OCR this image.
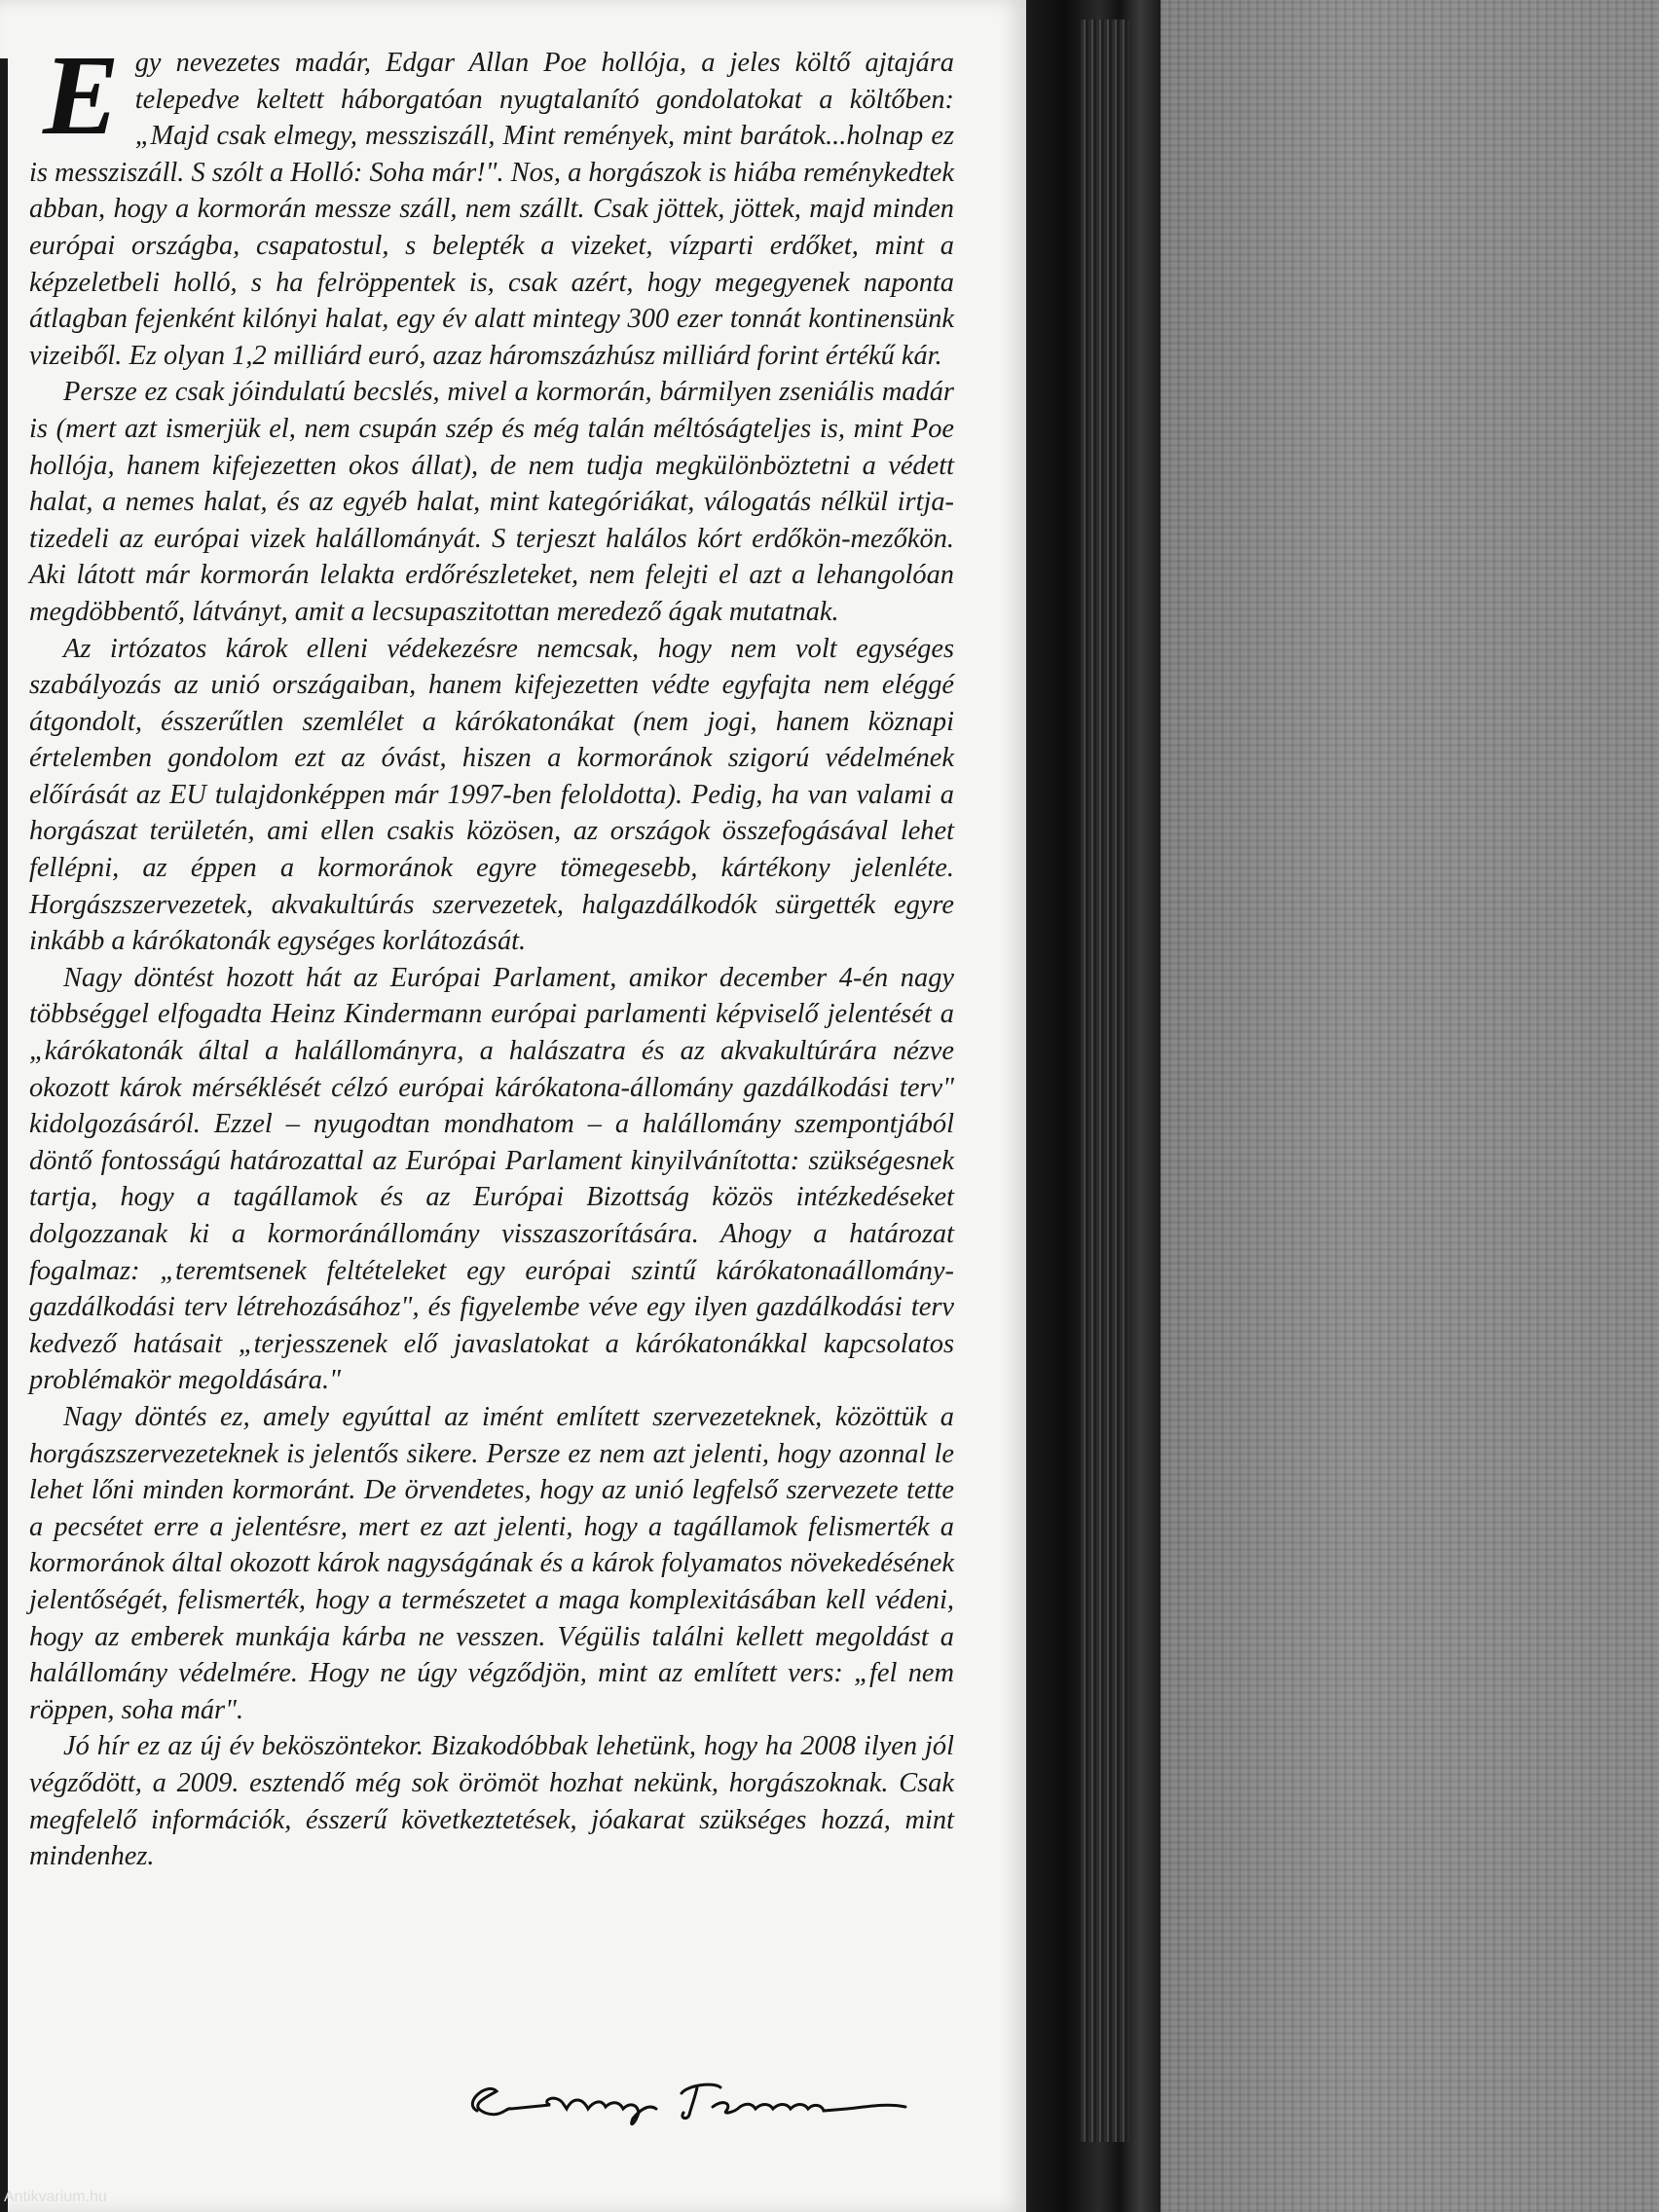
Egy nevezetes madár, Edgar Allan Poe hollója, a jeles költő ajtajára telepedve keltett háborgatóan nyugtalanító gondolatokat a költőben: „Majd csak elmegy, messziszáll, Mint remények, mint barátok...holnap ez is messziszáll. S szólt a Holló: Soha már!". Nos, a horgászok is hiába reménykedtek abban, hogy a kormorán messze száll, nem szállt. Csak jöttek, jöttek, majd minden európai országba, csapatostul, s belepték a vizeket, vízparti erdőket, mint a képzeletbeli holló, s ha felröppentek is, csak azért, hogy megegyenek naponta átlagban fejenként kilónyi halat, egy év alatt mintegy 300 ezer tonnát kontinensünk vizeiből. Ez olyan 1,2 milliárd euró, azaz háromszázhúsz milliárd forint értékű kár.

Persze ez csak jóindulatú becslés, mivel a kormorán, bármilyen zseniális madár is (mert azt ismerjük el, nem csupán szép és még talán méltóságteljes is, mint Poe hollója, hanem kifejezetten okos állat), de nem tudja megkülönböztetni a védett halat, a nemes halat, és az egyéb halat, mint kategóriákat, válogatás nélkül irtja-tizedeli az európai vizek halállományát. S terjeszt halálos kórt erdőkön-mezőkön. Aki látott már kormorán lelakta erdőrészleteket, nem felejti el azt a lehangolóan megdöbbentő, látványt, amit a lecsupaszitottan meredező ágak mutatnak.

Az irtózatos károk elleni védekezésre nemcsak, hogy nem volt egységes szabályozás az unió országaiban, hanem kifejezetten védte egyfajta nem eléggé átgondolt, ésszerűtlen szemlélet a kárókatonákat (nem jogi, hanem köznapi értelemben gondolom ezt az óvást, hiszen a kormoránok szigorú védelmének előírását az EU tulajdonképpen már 1997-ben feloldotta). Pedig, ha van valami a horgászat területén, ami ellen csakis közösen, az országok összefogásával lehet fellépni, az éppen a kormoránok egyre tömegesebb, kártékony jelenléte. Horgászszervezetek, akvakultúrás szervezetek, halgazdálkodók sürgették egyre inkább a kárókatonák egységes korlátozását.

Nagy döntést hozott hát az Európai Parlament, amikor december 4-én nagy többséggel elfogadta Heinz Kindermann európai parlamenti képviselő jelentését a „kárókatonák által a halállományra, a halászatra és az akvakultúrára nézve okozott károk mérséklését célzó európai kárókatona-állomány gazdálkodási terv" kidolgozásáról. Ezzel – nyugodtan mondhatom – a halállomány szempontjából döntő fontosságú határozattal az Európai Parlament kinyilvánította: szükségesnek tartja, hogy a tagállamok és az Európai Bizottság közös intézkedéseket dolgozzanak ki a kormoránállomány visszaszorítására. Ahogy a határozat fogalmaz: „teremtsenek feltételeket egy európai szintű kárókatonaállomány-gazdálkodási terv létrehozásához", és figyelembe véve egy ilyen gazdálkodási terv kedvező hatásait „terjesszenek elő javaslatokat a kárókatonákkal kapcsolatos problémakör megoldására."

Nagy döntés ez, amely egyúttal az imént említett szervezeteknek, közöttük a horgászszervezeteknek is jelentős sikere. Persze ez nem azt jelenti, hogy azonnal le lehet lőni minden kormoránt. De örvendetes, hogy az unió legfelső szervezete tette a pecsétet erre a jelentésre, mert ez azt jelenti, hogy a tagállamok felismerték a kormoránok által okozott károk nagyságának és a károk folyamatos növekedésének jelentőségét, felismerték, hogy a természetet a maga komplexitásában kell védeni, hogy az emberek munkája kárba ne vesszen. Végülis találni kellett megoldást a halállomány védelmére. Hogy ne úgy végződjön, mint az említett vers: „fel nem röppen, soha már".

Jó hír ez az új év beköszöntekor. Bizakodóbbak lehetünk, hogy ha 2008 ilyen jól végződött, a 2009. esztendő még sok örömöt hozhat nekünk, horgászoknak. Csak megfelelő információk, ésszerű következtetések, jóakarat szükséges hozzá, mint mindenhez.

Antikvarium.hu
